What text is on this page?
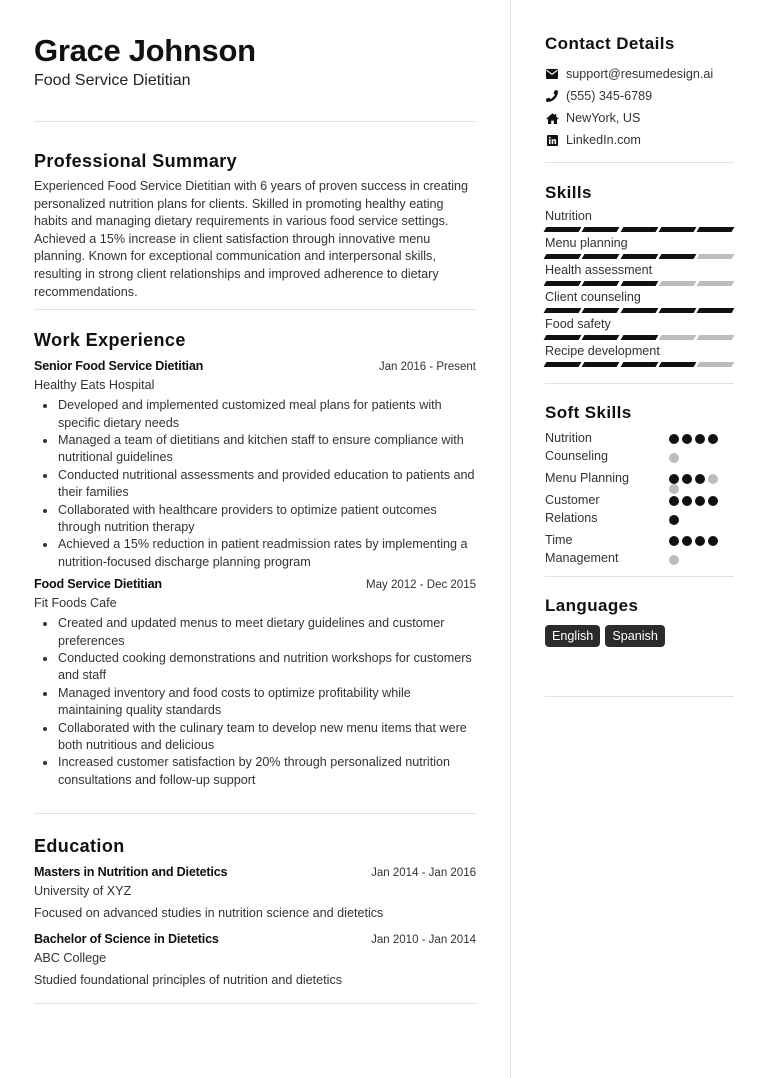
Grace Johnson
Food Service Dietitian
Professional Summary

Experienced Food Service Dietitian with 6 years of proven success in creating personalized nutrition plans for clients. Skilled in promoting healthy eating habits and managing dietary requirements in various food service settings. Achieved a 15% increase in client satisfaction through innovative menu planning. Known for exceptional communication and interpersonal skills, resulting in strong client relationships and improved adherence to dietary recommendations.

Work Experience
Senior Food Service Dietitian	Jan 2016 - Present
Healthy Eats Hospital
Developed and implemented customized meal plans for patients with specific dietary needs
Managed a team of dietitians and kitchen staff to ensure compliance with nutritional guidelines
Conducted nutritional assessments and provided education to patients and their families
Collaborated with healthcare providers to optimize patient outcomes through nutrition therapy
Achieved a 15% reduction in patient readmission rates by implementing a nutrition-focused discharge planning program
Food Service Dietitian	May 2012 - Dec 2015
Fit Foods Cafe
Created and updated menus to meet dietary guidelines and customer preferences
Conducted cooking demonstrations and nutrition workshops for customers and staff
Managed inventory and food costs to optimize profitability while maintaining quality standards
Collaborated with the culinary team to develop new menu items that were both nutritious and delicious
Increased customer satisfaction by 20% through personalized nutrition consultations and follow-up support
Education
Masters in Nutrition and Dietetics	Jan 2014 - Jan 2016
University of XYZ
Focused on advanced studies in nutrition science and dietetics
Bachelor of Science in Dietetics	Jan 2010 - Jan 2014
ABC College
Studied foundational principles of nutrition and dietetics
Contact Details
support@resumedesign.ai
(555) 345-6789
NewYork, US
LinkedIn.com
Skills
Nutrition
Menu planning
Health assessment
Client counseling
Food safety
Recipe development
Soft Skills
Nutrition
Counseling
Menu Planning
Customer
Relations
Time
Management
Languages
English	Spanish
